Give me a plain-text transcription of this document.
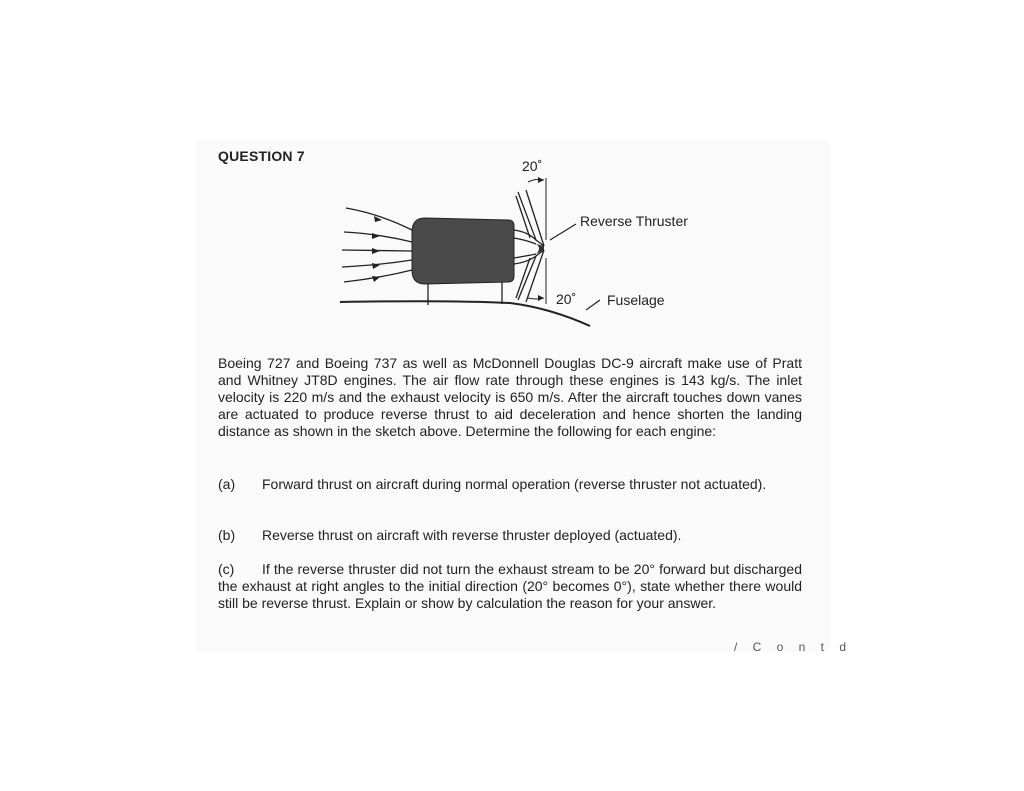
QUESTION 7
20˚
20˚
Reverse Thruster
Fuselage
Boeing 727 and Boeing 737 as well as McDonnell Douglas DC-9 aircraft make use of Pratt and Whitney JT8D engines. The air flow rate through these engines is 143 kg/s. The inlet velocity is 220 m/s and the exhaust velocity is 650 m/s. After the aircraft touches down vanes are actuated to produce reverse thrust to aid deceleration and hence shorten the landing distance as shown in the sketch above. Determine the following for each engine:
(a) Forward thrust on aircraft during normal operation (reverse thruster not actuated).
(b) Reverse thrust on aircraft with reverse thruster deployed (actuated).
(c) If the reverse thruster did not turn the exhaust stream to be 20° forward but discharged the exhaust at right angles to the initial direction (20° becomes 0°), state whether there would still be reverse thrust. Explain or show by calculation the reason for your answer.
/ C o n t d
